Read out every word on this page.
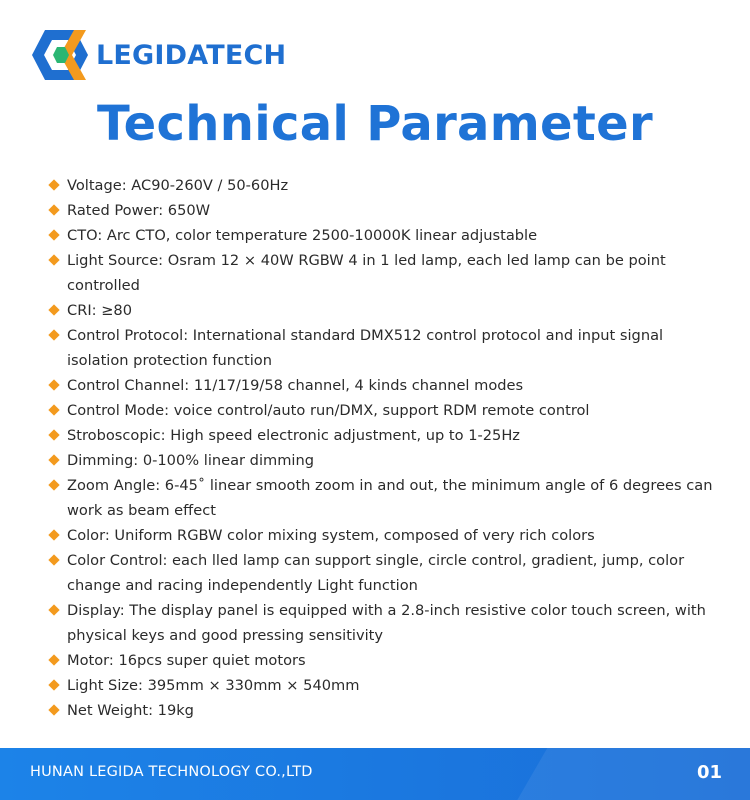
LEGIDATECH
Technical Parameter
Voltage: AC90-260V / 50-60Hz
Rated Power: 650W
CTO: Arc CTO, color temperature 2500-10000K linear adjustable
Light Source: Osram 12 × 40W RGBW 4 in 1 led lamp, each led lamp can be point controlled
CRI: ≥80
Control Protocol: International standard DMX512 control protocol and input signal isolation protection function
Control Channel: 11/17/19/58 channel, 4 kinds channel modes
Control Mode: voice control/auto run/DMX, support RDM remote control
Stroboscopic: High speed electronic adjustment, up to 1-25Hz
Dimming: 0-100% linear dimming
Zoom Angle: 6-45˚ linear smooth zoom in and out, the minimum angle of 6 degrees can work as beam effect
Color: Uniform RGBW color mixing system, composed of very rich colors
Color Control: each lled lamp can support single, circle control, gradient, jump, color change and racing independently Light function
Display: The display panel is equipped with a 2.8-inch resistive color touch screen, with physical keys and good pressing sensitivity
Motor: 16pcs super quiet motors
Light Size: 395mm × 330mm × 540mm
Net Weight: 19kg
HUNAN LEGIDA TECHNOLOGY CO.,LTD	01
